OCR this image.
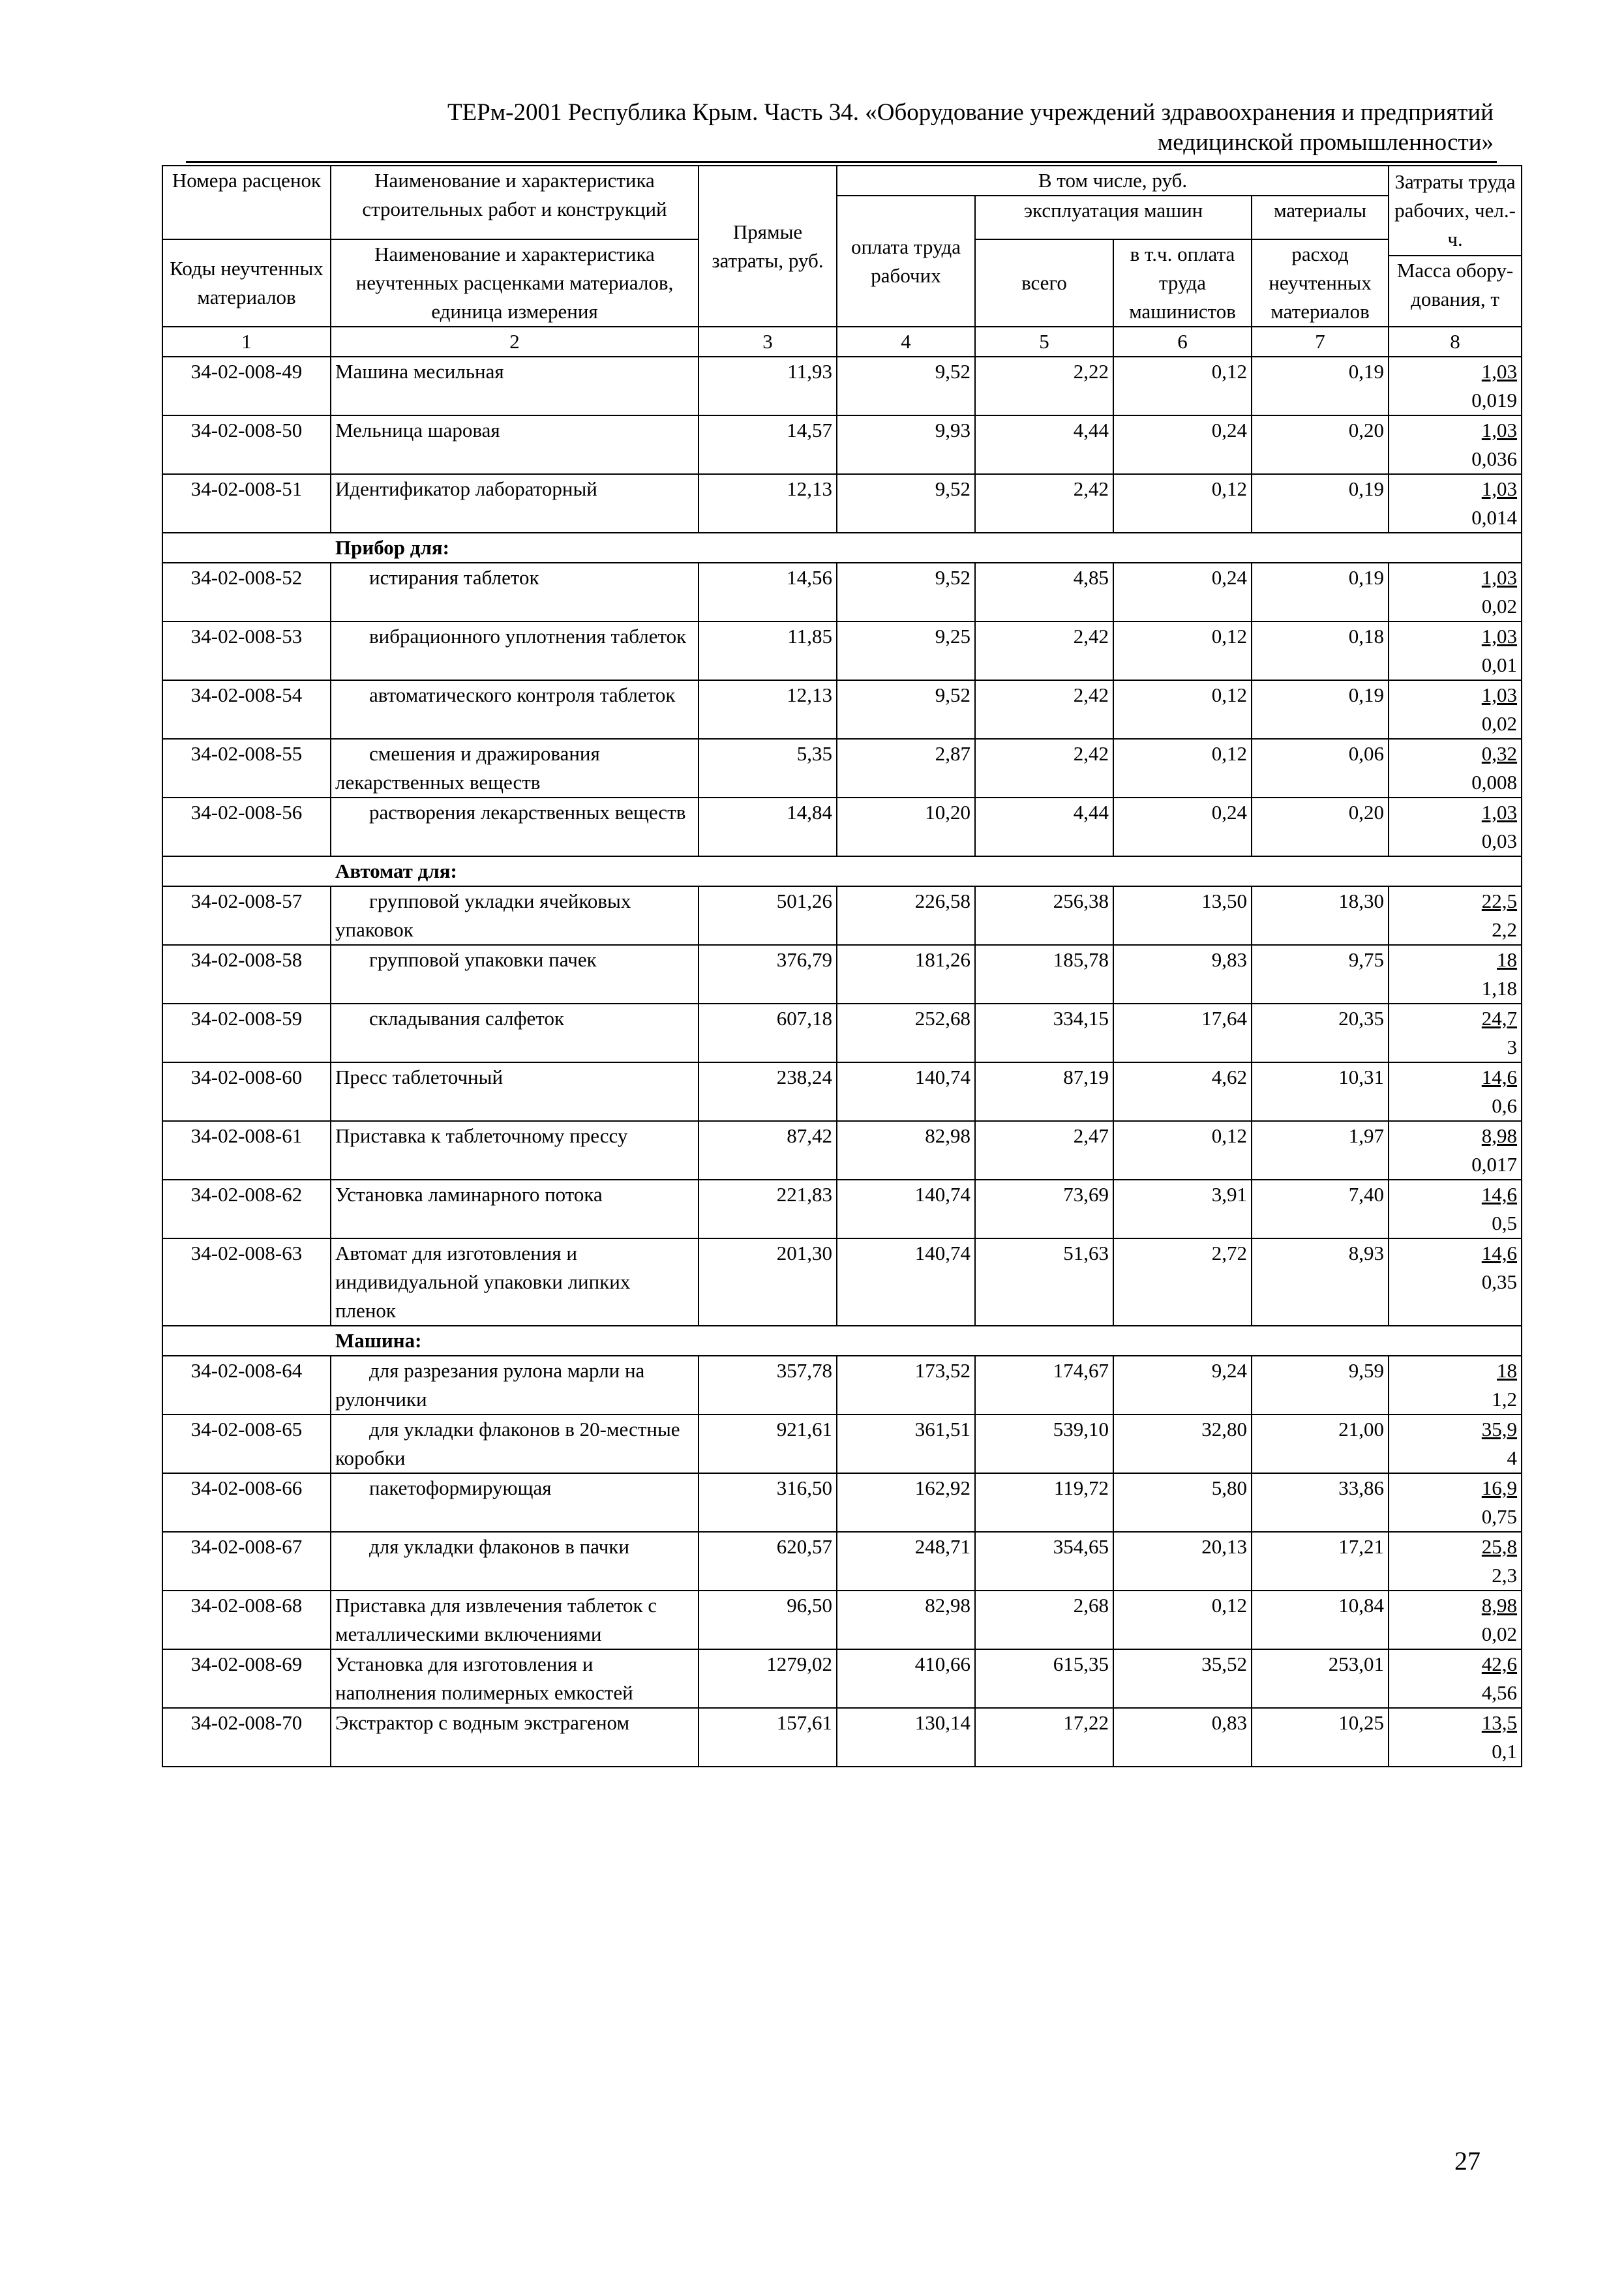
ТЕРм-2001 Республика Крым. Часть 34. «Оборудование учреждений здравоохранения и предприятий
медицинской промышленности»
Номера расценок	Наименование и характеристика строительных работ и конструкций	Прямые затраты, руб.	В том числе, руб.				Затраты труда рабочих, чел.-ч.
			оплата труда рабочих	эксплуатация машин		материалы	
Коды неучтенных материалов	Наименование и характеристика неучтенных расценками материалов, единица измерения			всего	в т.ч. оплата труда машинистов	расход неучтенных материалов	
							Масса обору-дования, т
1	2	3	4	5	6	7	8
34-02-008-49	Машина месильная	11,93	9,52	2,22	0,12	0,19	1,03
0,019

34-02-008-50	Мельница шаровая	14,57	9,93	4,44	0,24	0,20	1,03
0,036

34-02-008-51	Идентификатор лабораторный	12,13	9,52	2,42	0,12	0,19	1,03
0,014

Прибор для:							
34-02-008-52	истирания таблеток	14,56	9,52	4,85	0,24	0,19	1,03
0,02

34-02-008-53	вибрационного уплотнения таблеток	11,85	9,25	2,42	0,12	0,18	1,03
0,01

34-02-008-54	автоматического контроля таблеток	12,13	9,52	2,42	0,12	0,19	1,03
0,02

34-02-008-55	смешения и дражирования лекарственных веществ	5,35	2,87	2,42	0,12	0,06	0,32
0,008

34-02-008-56	растворения лекарственных веществ	14,84	10,20	4,44	0,24	0,20	1,03
0,03

Автомат для:							
34-02-008-57	групповой укладки ячейковых упаковок	501,26	226,58	256,38	13,50	18,30	22,5
2,2

34-02-008-58	групповой упаковки пачек	376,79	181,26	185,78	9,83	9,75	18
1,18

34-02-008-59	складывания салфеток	607,18	252,68	334,15	17,64	20,35	24,7
3

34-02-008-60	Пресс таблеточный	238,24	140,74	87,19	4,62	10,31	14,6
0,6

34-02-008-61	Приставка к таблеточному прессу	87,42	82,98	2,47	0,12	1,97	8,98
0,017

34-02-008-62	Установка ламинарного потока	221,83	140,74	73,69	3,91	7,40	14,6
0,5

34-02-008-63	Автомат для изготовления и индивидуальной упаковки липких пленок	201,30	140,74	51,63	2,72	8,93	14,6
0,35

Машина:							
34-02-008-64	для разрезания рулона марли на рулончики	357,78	173,52	174,67	9,24	9,59	18
1,2

34-02-008-65	для укладки флаконов в 20-местные коробки	921,61	361,51	539,10	32,80	21,00	35,9
4

34-02-008-66	пакетоформирующая	316,50	162,92	119,72	5,80	33,86	16,9
0,75

34-02-008-67	для укладки флаконов в пачки	620,57	248,71	354,65	20,13	17,21	25,8
2,3

34-02-008-68	Приставка для извлечения таблеток с металлическими включениями	96,50	82,98	2,68	0,12	10,84	8,98
0,02

34-02-008-69	Установка для изготовления и наполнения полимерных емкостей	1279,02	410,66	615,35	35,52	253,01	42,6
4,56

34-02-008-70	Экстрактор с водным экстрагеном	157,61	130,14	17,22	0,83	10,25	13,5
0,1
27
